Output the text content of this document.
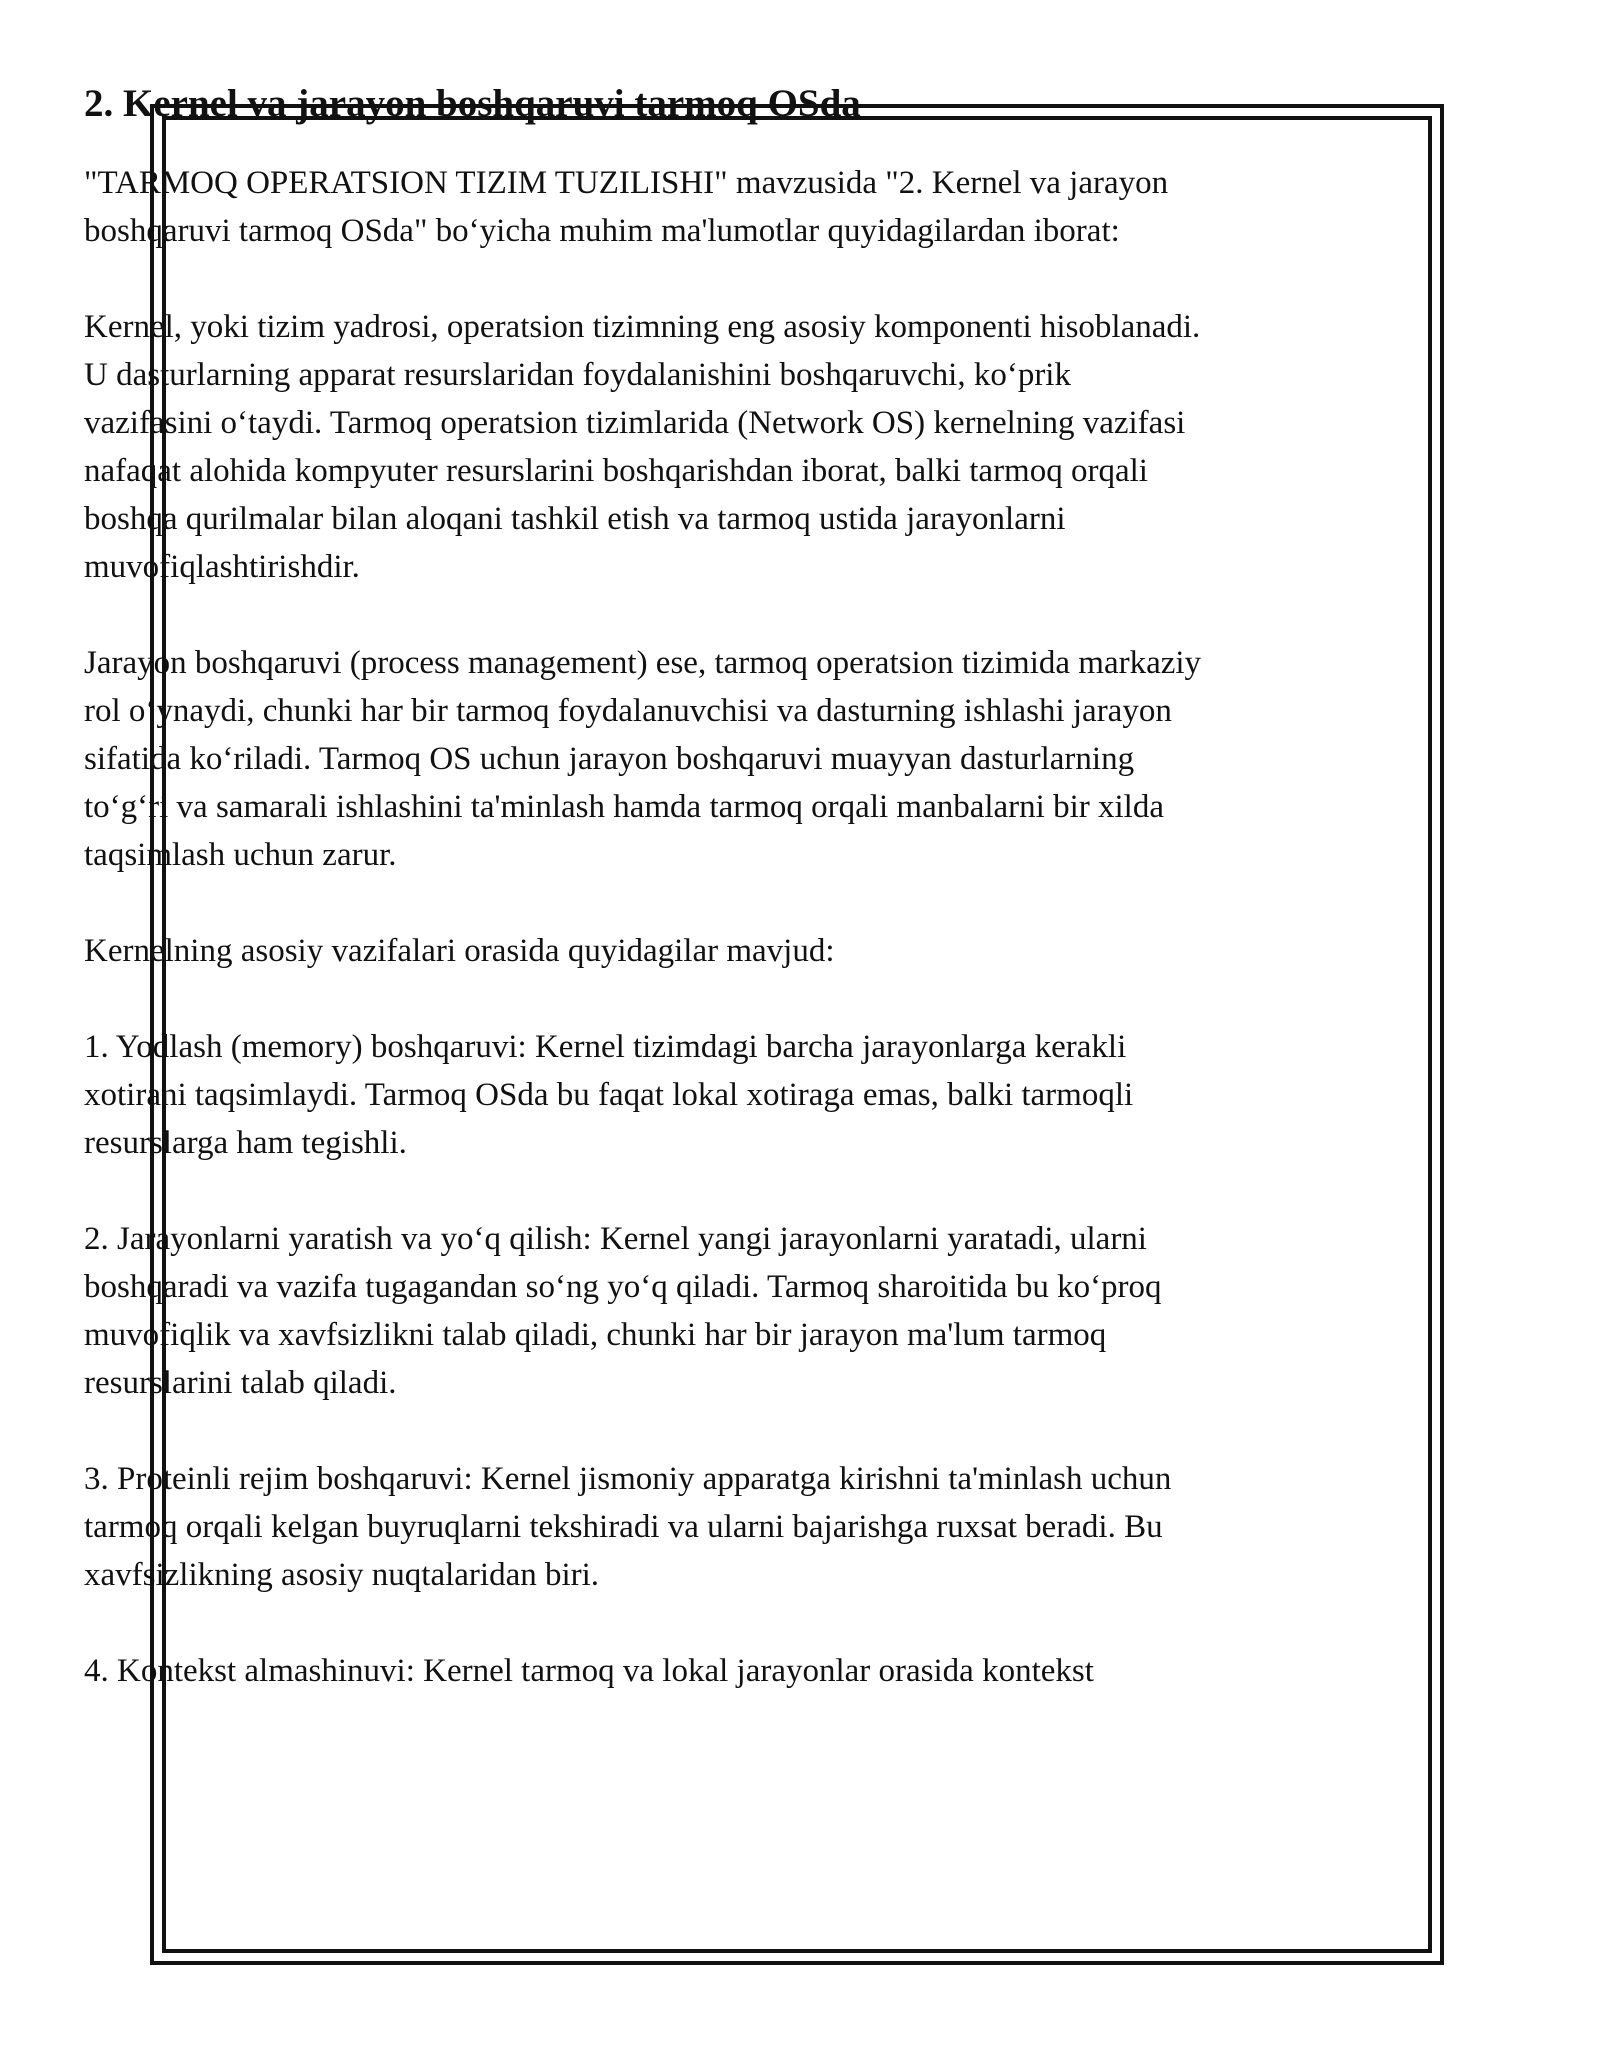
2. Kernel va jarayon boshqaruvi tarmoq OSda

"TARMOQ OPERATSION TIZIM TUZILISHI" mavzusida "2. Kernel va jarayon boshqaruvi tarmoq OSda" bo‘yicha muhim ma'lumotlar quyidagilardan iborat:

Kernel, yoki tizim yadrosi, operatsion tizimning eng asosiy komponenti hisoblanadi. U dasturlarning apparat resurslaridan foydalanishini boshqaruvchi, ko‘prik vazifasini o‘taydi. Tarmoq operatsion tizimlarida (Network OS) kernelning vazifasi nafaqat alohida kompyuter resurslarini boshqarishdan iborat, balki tarmoq orqali boshqa qurilmalar bilan aloqani tashkil etish va tarmoq ustida jarayonlarni muvofiqlashtirishdir.

Jarayon boshqaruvi (process management) ese, tarmoq operatsion tizimida markaziy rol o‘ynaydi, chunki har bir tarmoq foydalanuvchisi va dasturning ishlashi jarayon sifatida ko‘riladi. Tarmoq OS uchun jarayon boshqaruvi muayyan dasturlarning to‘g‘ri va samarali ishlashini ta'minlash hamda tarmoq orqali manbalarni bir xilda taqsimlash uchun zarur.

Kernelning asosiy vazifalari orasida quyidagilar mavjud:

1. Yodlash (memory) boshqaruvi: Kernel tizimdagi barcha jarayonlarga kerakli xotirani taqsimlaydi. Tarmoq OSda bu faqat lokal xotiraga emas, balki tarmoqli resurslarga ham tegishli.

2. Jarayonlarni yaratish va yo‘q qilish: Kernel yangi jarayonlarni yaratadi, ularni boshqaradi va vazifa tugagandan so‘ng yo‘q qiladi. Tarmoq sharoitida bu ko‘proq muvofiqlik va xavfsizlikni talab qiladi, chunki har bir jarayon ma'lum tarmoq resurslarini talab qiladi.

3. Proteinli rejim boshqaruvi: Kernel jismoniy apparatga kirishni ta'minlash uchun tarmoq orqali kelgan buyruqlarni tekshiradi va ularni bajarishga ruxsat beradi. Bu xavfsizlikning asosiy nuqtalaridan biri.

4. Kontekst almashinuvi: Kernel tarmoq va lokal jarayonlar orasida kontekst
